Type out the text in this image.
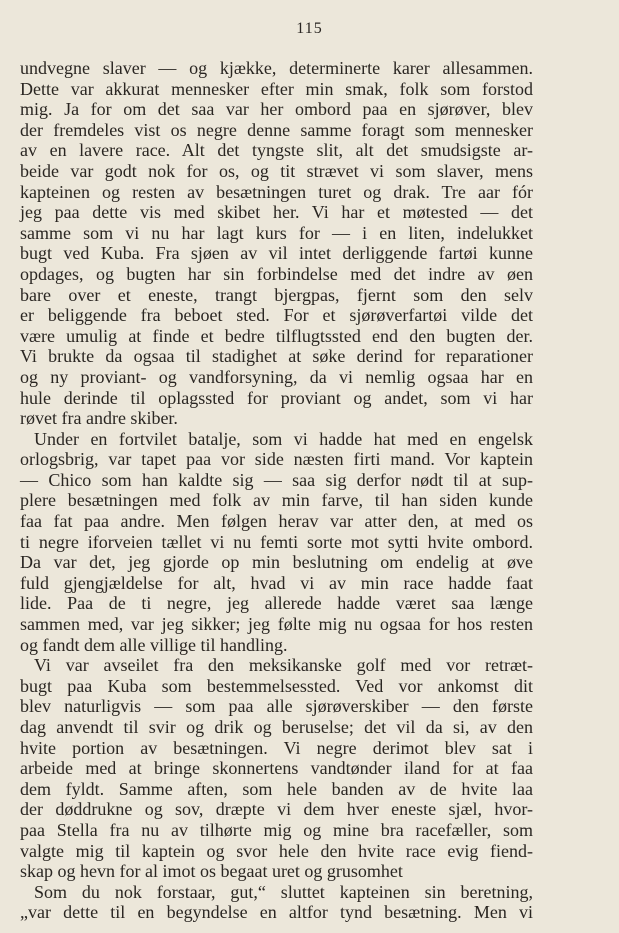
115
undvegne slaver — og kjække, determinerte karer allesammen.
Dette var akkurat mennesker efter min smak, folk som forstod
mig. Ja for om det saa var her ombord paa en sjørøver, blev
der fremdeles vist os negre denne samme foragt som mennesker
av en lavere race. Alt det tyngste slit, alt det smudsigste ar-
beide var godt nok for os, og tit strævet vi som slaver, mens
kapteinen og resten av besætningen turet og drak. Tre aar fór
jeg paa dette vis med skibet her. Vi har et møtested — det
samme som vi nu har lagt kurs for — i en liten, indelukket
bugt ved Kuba. Fra sjøen av vil intet derliggende fartøi kunne
opdages, og bugten har sin forbindelse med det indre av øen
bare over et eneste, trangt bjergpas, fjernt som den selv
er beliggende fra beboet sted. For et sjørøverfartøi vilde det
være umulig at finde et bedre tilflugtssted end den bugten der.
Vi brukte da ogsaa til stadighet at søke derind for reparationer
og ny proviant- og vandforsyning, da vi nemlig ogsaa har en
hule derinde til oplagssted for proviant og andet, som vi har
røvet fra andre skiber.
Under en fortvilet batalje, som vi hadde hat med en engelsk
orlogsbrig, var tapet paa vor side næsten firti mand. Vor kaptein
— Chico som han kaldte sig — saa sig derfor nødt til at sup-
plere besætningen med folk av min farve, til han siden kunde
faa fat paa andre. Men følgen herav var atter den, at med os
ti negre iforveien tællet vi nu femti sorte mot sytti hvite ombord.
Da var det, jeg gjorde op min beslutning om endelig at øve
fuld gjengjældelse for alt, hvad vi av min race hadde faat
lide. Paa de ti negre, jeg allerede hadde været saa længe
sammen med, var jeg sikker; jeg følte mig nu ogsaa for hos resten
og fandt dem alle villige til handling.
Vi var avseilet fra den meksikanske golf med vor retræt-
bugt paa Kuba som bestemmelsessted. Ved vor ankomst dit
blev naturligvis — som paa alle sjørøverskiber — den første
dag anvendt til svir og drik og beruselse; det vil da si, av den
hvite portion av besætningen. Vi negre derimot blev sat i
arbeide med at bringe skonnertens vandtønder iland for at faa
dem fyldt. Samme aften, som hele banden av de hvite laa
der døddrukne og sov, dræpte vi dem hver eneste sjæl, hvor-
paa Stella fra nu av tilhørte mig og mine bra racefæller, som
valgte mig til kaptein og svor hele den hvite race evig fiend-
skap og hevn for al imot os begaat uret og grusomhet
Som du nok forstaar, gut,“ sluttet kapteinen sin beretning,
„var dette til en begyndelse en altfor tynd besætning. Men vi
